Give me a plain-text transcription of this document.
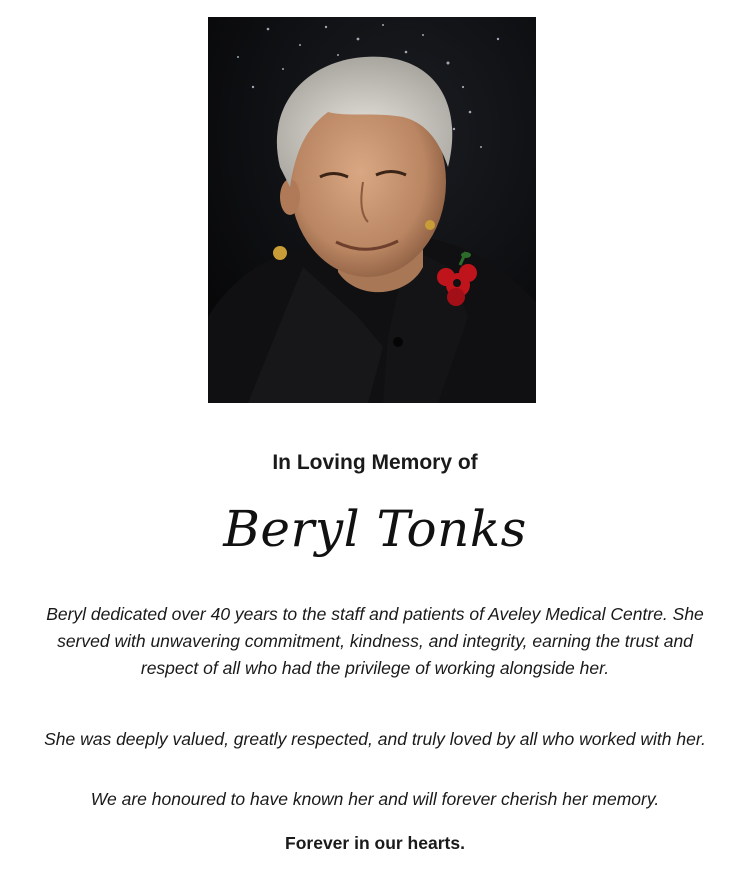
In Loving Memory of
Beryl Tonks

Beryl dedicated over 40 years to the staff and patients of Aveley Medical Centre. She served with unwavering commitment, kindness, and integrity, earning the trust and respect of all who had the privilege of working alongside her.

She was deeply valued, greatly respected, and truly loved by all who worked with her.

We are honoured to have known her and will forever cherish her memory.

Forever in our hearts.
